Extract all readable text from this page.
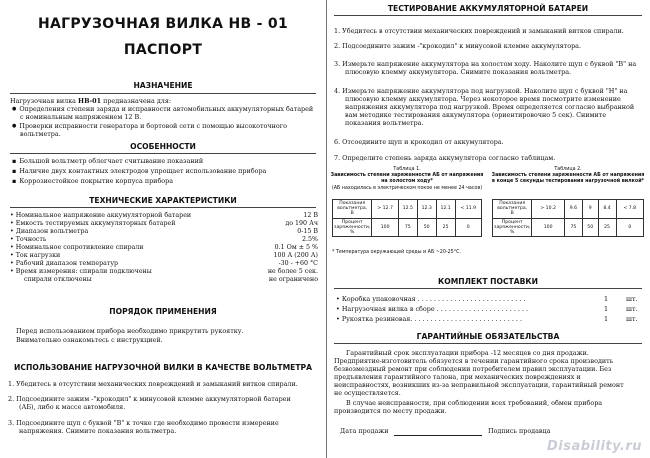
НАГРУЗОЧНАЯ ВИЛКА НВ - 01
ПАСПОРТ
НАЗНАЧЕНИЕ
Нагрузочная вилка НВ-01 предназначена для:
● Определения степени заряда и исправности автомобильных аккумуляторных батарей
с номинальным напряжением 12 В.
● Проверки исправности генератора и бортовой сети с помощью высокоточного
вольтметра.
ОСОБЕННОСТИ
▪ Большой вольтметр облегчает считывание показаний
▪ Наличие двух контактных электродов упрощает использование прибора
▪ Коррозиестойкое покрытие корпуса прибора
ТЕХНИЧЕСКИЕ ХАРАКТЕРИСТИКИ
• Номинальное напряжение аккумуляторной батареи	12 В
• Емкость тестируемых аккумуляторных батарей	до 190 Ач
• Диапазон вольтметра	0-15 В
• Точность	2.5%
• Номинальное сопротивление спирали	0.1 Ом ± 5 %
• Ток нагрузки	100 А (200 А)
• Рабочий диапазон температур	-30 - +60 °С
• Время измерения: спирали подключены	не более 5 сек.
спирали отключены	не ограничено
ПОРЯДОК ПРИМЕНЕНИЯ
Перед использованием прибора необходимо прикрутить рукоятку.
Внимательно ознакомьтесь с инструкцией.
ИСПОЛЬЗОВАНИЕ НАГРУЗОЧНОЙ ВИЛКИ В КАЧЕСТВЕ ВОЛЬТМЕТРА
1. Убедитесь в отсутствии механических повреждений и замыканий витков спирали.
2. Подсоедините зажим -"крокодил" к минусовой клемме аккумуляторной батареи
(АБ), либо к массе автомобиля.
3. Подсоедините щуп с буквой "В" к точке где необходимо провести измерение
напряжения. Снимите показания вольтметра.
ТЕСТИРОВАНИЕ АККУМУЛЯТОРНОЙ БАТАРЕИ
1. Убедитесь в отсутствии механических повреждений и замыканий витков спирали.
2. Подсоедините зажим -"крокодил" к минусовой клемме аккумулятора.
3. Измерьте напряжение аккумулятора на холостом ходу. Наколите щуп с буквой "В" на
плюсовую клемму аккумулятора. Снимите показания вольтметра.
4. Измерьте напряжение аккумулятора под нагрузкой. Наколите щуп с буквой "Н" на
плюсовую клемму аккумулятора. Через некоторое время посмотрите изменение
напряжения аккумулятора под нагрузкой. Время определяется согласно выбранной
вам методике тестирования аккумулятора (ориентировочно 5 сек). Снимите
показания вольтметра.
6. Отсоедините щуп и крокодил от аккумулятора.
7. Определите степень заряда аккумулятора согласно таблицам.
Таблица 1.
Зависимость степени заряженности АБ от напряжения
на холостом ходу*
(АБ находилась в электрическом покое не менее 24 часов)
Показания
вольтметра,
В	> 12.7	12.5	12.3	12.1	< 11.9
Процент
заряженности,
%	100	75	50	25	0
Таблица 2.
Зависимость степени заряженности АБ от напряжения
в конце 5 секунды тестирования нагрузочной вилкой*
Показания
вольтметра,
В	> 10.2	9.6	9	8.4	< 7.8
Процент
заряженности,
%	100	75	50	25	0
* Температура окружающей среды и АБ ~20-25°С.
КОМПЛЕКТ ПОСТАВКИ
• Коробка упаковочная . . . . . . . . . . . . . . . . . . . . . . . . . . .	1	шт.
• Нагрузочная вилка в сборе . . . . . . . . . . . . . . . . . . . . . . .	1	шт.
• Рукоятка резиновая. . . . . . . . . . . . . . . . . . . . . . . . . . . .	1	шт.
ГАРАНТИЙНЫЕ ОБЯЗАТЕЛЬСТВА
Гарантийный срок эксплуатации прибора -12 месяцев со дня продажи.
Предприятие-изготовитель обязуется в течении гарантийного срока производить
безвозмездный ремонт при соблюдении потребителем правил эксплуатации. Без
предъявления гарантийного талона, при механических повреждениях и
неисправностях, возникших из-за неправильной эксплуатации, гарантийный ремонт
не осуществляется.
В случае неисправности, при соблюдении всех требований, обмен прибора
производится по месту продажи.
Дата продажи	Подпись продавца
Disability.ru
